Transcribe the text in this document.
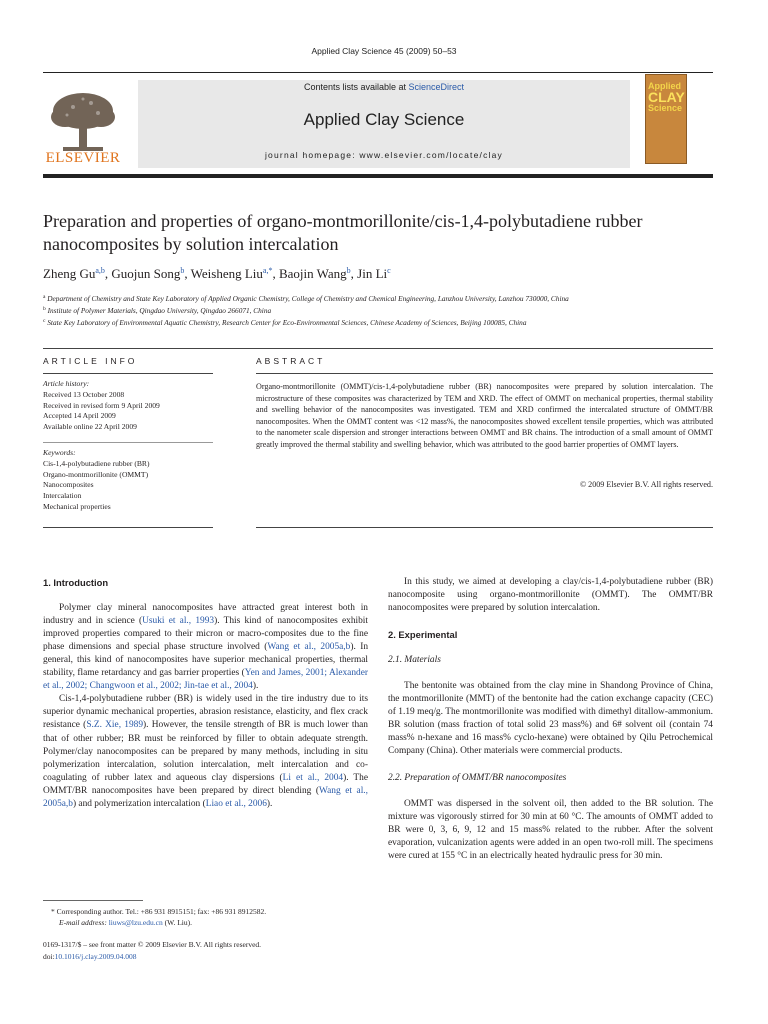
Applied Clay Science 45 (2009) 50–53
ELSEVIER
Contents lists available at ScienceDirect
Applied Clay Science
journal homepage: www.elsevier.com/locate/clay
Applied
CLAY
Science
Preparation and properties of organo-montmorillonite/cis-1,4-polybutadiene rubber nanocomposites by solution intercalation
Zheng Gu$^{a,b}$, Guojun Song$^b$, Weisheng Liu$^{a,*}$, Baojin Wang$^b$, Jin Li$^c$
$^a$ Department of Chemistry and State Key Laboratory of Applied Organic Chemistry, College of Chemistry and Chemical Engineering, Lanzhou University, Lanzhou 730000, China
$^b$ Institute of Polymer Materials, Qingdao University, Qingdao 266071, China
$^c$ State Key Laboratory of Environmental Aquatic Chemistry, Research Center for Eco-Environmental Sciences, Chinese Academy of Sciences, Beijing 100085, China
ARTICLE INFO	ABSTRACT
Article history:
Received 13 October 2008
Received in revised form 9 April 2009
Accepted 14 April 2009
Available online 22 April 2009
Keywords:
Cis-1,4-polybutadiene rubber (BR)
Organo-montmorillonite (OMMT)
Nanocomposites
Intercalation
Mechanical properties
Organo-montmorillonite (OMMT)/cis-1,4-polybutadiene rubber (BR) nanocomposites were prepared by solution intercalation. The microstructure of these composites was characterized by TEM and XRD. The effect of OMMT on mechanical properties, thermal stability and swelling behavior of the nanocomposites was investigated. TEM and XRD confirmed the intercalated structure of OMMT/BR nanocomposites. When the OMMT content was <12 mass%, the nanocomposites showed excellent tensile properties, which was attributed to the nanometer scale dispersion and stronger interactions between OMMT and BR chains. The introduction of a small amount of OMMT greatly improved the thermal stability and swelling behavior, which was attributed to the good barrier properties of OMMT layers.
© 2009 Elsevier B.V. All rights reserved.
1. Introduction

Polymer clay mineral nanocomposites have attracted great interest both in industry and in science (Usuki et al., 1993). This kind of nanocomposites exhibit improved properties compared to their micron or macro-composites due to the fine phase dimensions and special phase structure involved (Wang et al., 2005a,b). In general, this kind of nanocomposites have superior mechanical properties, thermal stability, flame retardancy and gas barrier properties (Yen and James, 2001; Alexander et al., 2002; Changwoon et al., 2002; Jin-tae et al., 2004).

Cis-1,4-polybutadiene rubber (BR) is widely used in the tire industry due to its superior dynamic mechanical properties, abrasion resistance, elasticity, and flex crack resistance (S.Z. Xie, 1989). However, the tensile strength of BR is much lower than that of other rubber; BR must be reinforced by filler to obtain adequate strength. Polymer/clay nanocomposites can be prepared by many methods, including in situ polymerization intercalation, solution intercalation, melt intercalation and co-coagulating of rubber latex and aqueous clay dispersions (Li et al., 2004). The OMMT/BR nanocomposites have been prepared by direct blending (Wang et al., 2005a,b) and polymerization intercalation (Liao et al., 2006).

In this study, we aimed at developing a clay/cis-1,4-polybutadiene rubber (BR) nanocomposite using organo-montmorillonite (OMMT). The OMMT/BR nanocomposites were prepared by solution intercalation.

2. Experimental
2.1. Materials

The bentonite was obtained from the clay mine in Shandong Province of China, the montmorillonite (MMT) of the bentonite had the cation exchange capacity (CEC) of 1.19 meq/g. The montmorillonite was modified with dimethyl ditallow-ammonium. BR solution (mass fraction of total solid 23 mass%) and 6# solvent oil (contain 74 mass% n-hexane and 16 mass% cyclo-hexane) were obtained by Qilu Petrochemical Company (China). Other materials were commercial products.

2.2. Preparation of OMMT/BR nanocomposites

OMMT was dispersed in the solvent oil, then added to the BR solution. The mixture was vigorously stirred for 30 min at 60 °C. The amounts of OMMT added to BR were 0, 3, 6, 9, 12 and 15 mass% related to the rubber. After the solvent evaporation, vulcanization agents were added in an open two-roll mill. The specimens were cured at 155 °C in an electrically heated hydraulic press for 30 min.

* Corresponding author. Tel.: +86 931 8915151; fax: +86 931 8912582.
E-mail address: liuws@lzu.edu.cn (W. Liu).
0169-1317/$ – see front matter © 2009 Elsevier B.V. All rights reserved.
doi:10.1016/j.clay.2009.04.008
